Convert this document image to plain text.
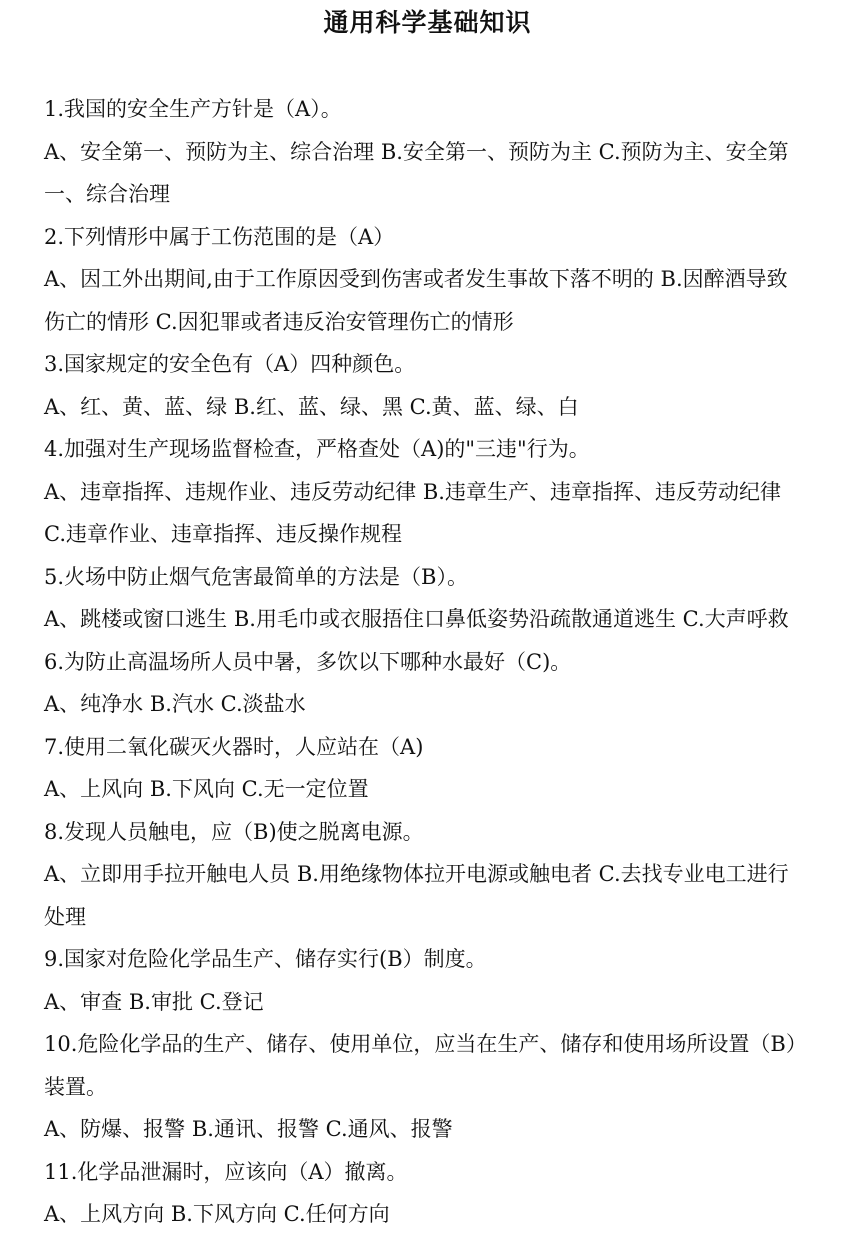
通用科学基础知识

1.我国的安全生产方针是（A）。

A、安全第一、预防为主、综合治理 B.安全第一、预防为主 C.预防为主、安全第一、综合治理

2.下列情形中属于工伤范围的是（A）

A、因工外出期间,由于工作原因受到伤害或者发生事故下落不明的 B.因醉酒导致伤亡的情形 C.因犯罪或者违反治安管理伤亡的情形

3.国家规定的安全色有（A）四种颜色。

A、红、黄、蓝、绿 B.红、蓝、绿、黑 C.黄、蓝、绿、白

4.加强对生产现场监督检查，严格查处（A)的"三违"行为。

A、违章指挥、违规作业、违反劳动纪律 B.违章生产、违章指挥、违反劳动纪律 C.违章作业、违章指挥、违反操作规程

5.火场中防止烟气危害最简单的方法是（B）。

A、跳楼或窗口逃生 B.用毛巾或衣服捂住口鼻低姿势沿疏散通道逃生 C.大声呼救

6.为防止高温场所人员中暑，多饮以下哪种水最好（C)。

A、纯净水 B.汽水 C.淡盐水

7.使用二氧化碳灭火器时，人应站在（A)

A、上风向 B.下风向 C.无一定位置

8.发现人员触电，应（B)使之脱离电源。

A、立即用手拉开触电人员 B.用绝缘物体拉开电源或触电者 C.去找专业电工进行处理

9.国家对危险化学品生产、储存实行(B）制度。

A、审查 B.审批 C.登记

10.危险化学品的生产、储存、使用单位，应当在生产、储存和使用场所设置（B）装置。

A、防爆、报警 B.通讯、报警 C.通风、报警

11.化学品泄漏时，应该向（A）撤离。

A、上风方向 B.下风方向 C.任何方向
